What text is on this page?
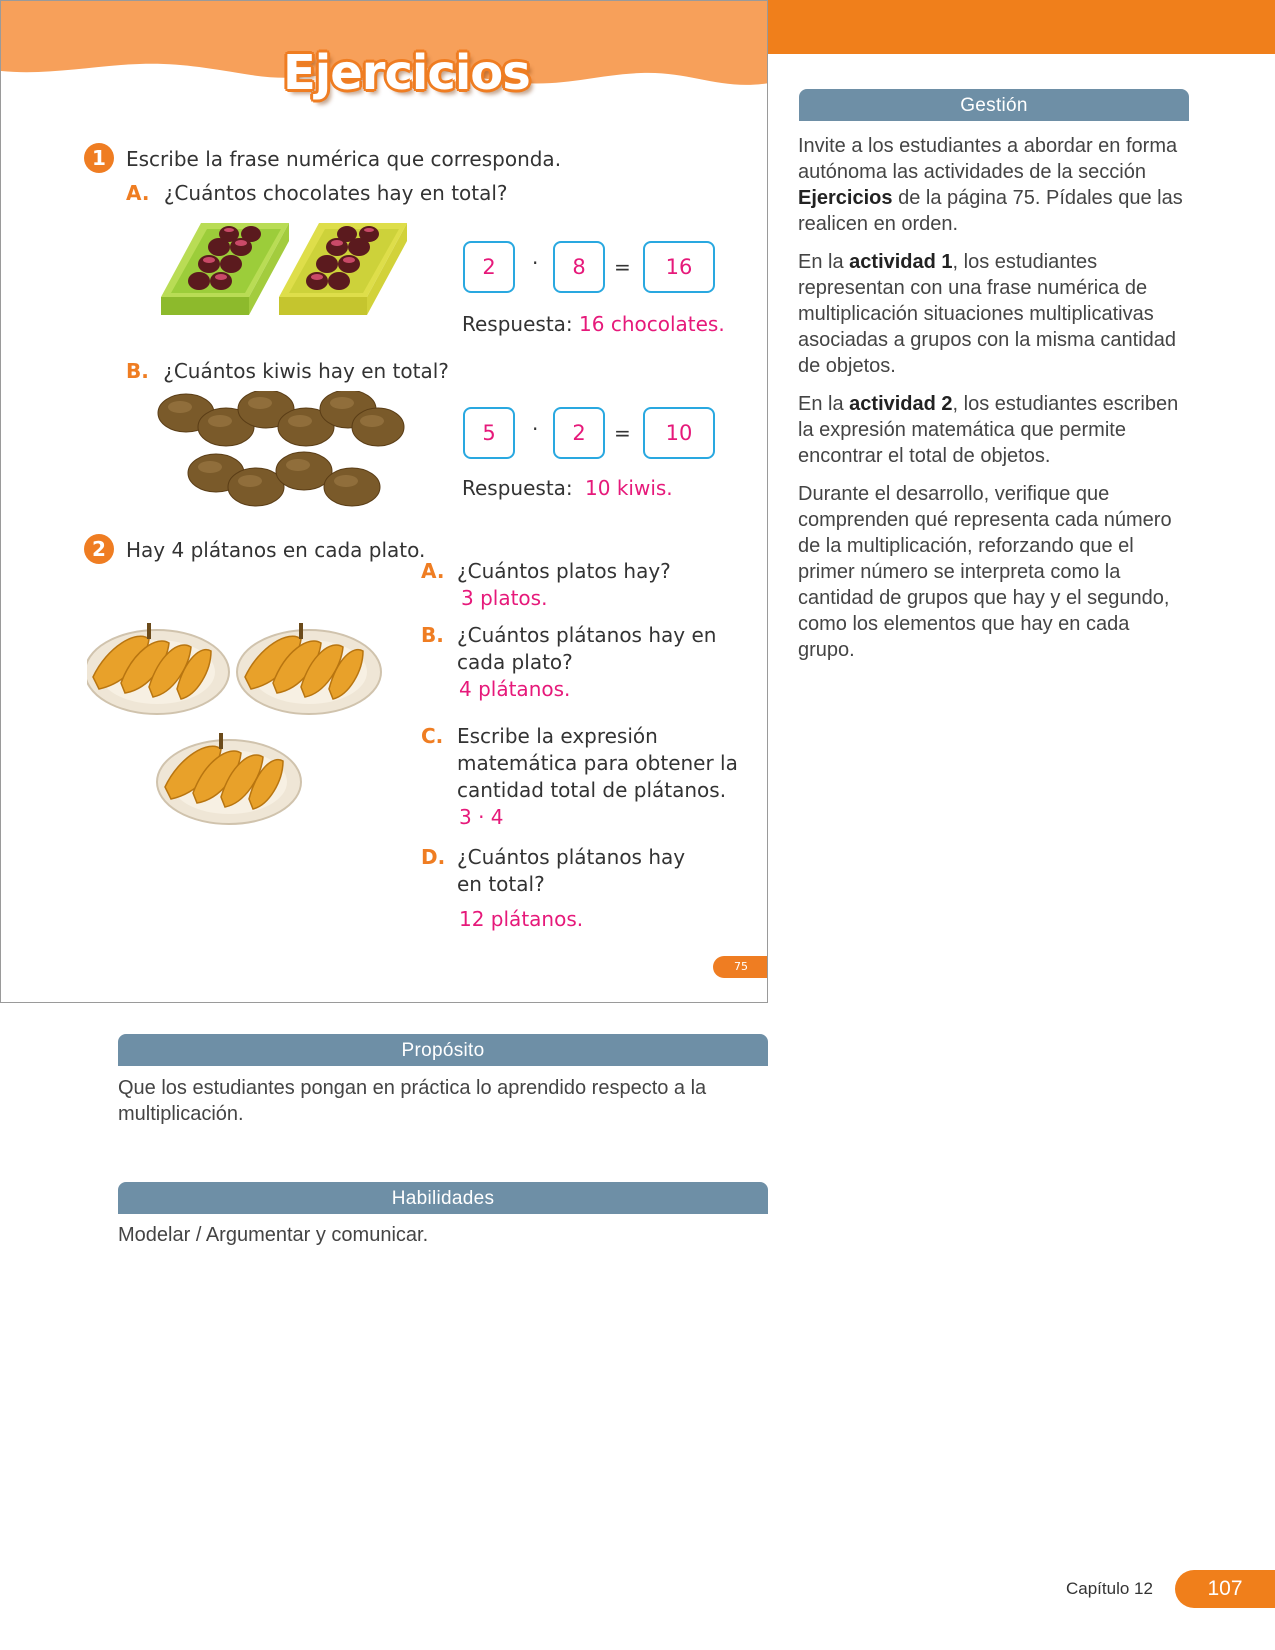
Ejercicios
1	Escribe la frase numérica que corresponda.
A. ¿Cuántos chocolates hay en total?
2	·	8	=	16
Respuesta: 16 chocolates.
B. ¿Cuántos kiwis hay en total?
5	·	2	=	10
Respuesta: 10 kiwis.
2	Hay 4 plátanos en cada plato.
A. ¿Cuántos platos hay?
3 platos.
B. ¿Cuántos plátanos hay en
cada plato?
4 plátanos.
C. Escribe la expresión
matemática para obtener la
cantidad total de plátanos.
3 · 4
D. ¿Cuántos plátanos hay
en total?
12 plátanos.
75
Gestión

Invite a los estudiantes a abordar en forma autónoma las actividades de la sección Ejercicios de la página 75. Pídales que las realicen en orden.

En la actividad 1, los estudiantes representan con una frase numérica de multiplicación situaciones multiplicativas asociadas a grupos con la misma cantidad de objetos.

En la actividad 2, los estudiantes escriben la expresión matemática que permite encontrar el total de objetos.

Durante el desarrollo, verifique que comprenden qué representa cada número de la multiplicación, reforzando que el primer número se interpreta como la cantidad de grupos que hay y el segundo, como los elementos que hay en cada grupo.

Propósito
Que los estudiantes pongan en práctica lo aprendido respecto a la multiplicación.
Habilidades
Modelar / Argumentar y comunicar.
Capítulo 12	107
